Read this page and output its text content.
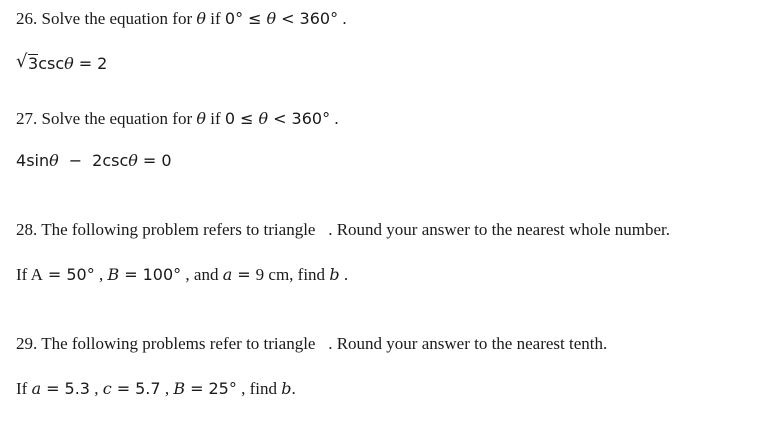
26. Solve the equation for θ if 0° ≤ θ < 360° .
√ 3cscθ = 2
27. Solve the equation for θ if 0 ≤ θ < 360° .
4sinθ − 2cscθ = 0
28. The following problem refers to triangle   . Round your answer to the nearest whole number.
If A = 50° , B = 100° , and a = 9 cm, find b .
29. The following problems refer to triangle   . Round your answer to the nearest tenth.
If a = 5.3 , c = 5.7 , B = 25° , find b.
